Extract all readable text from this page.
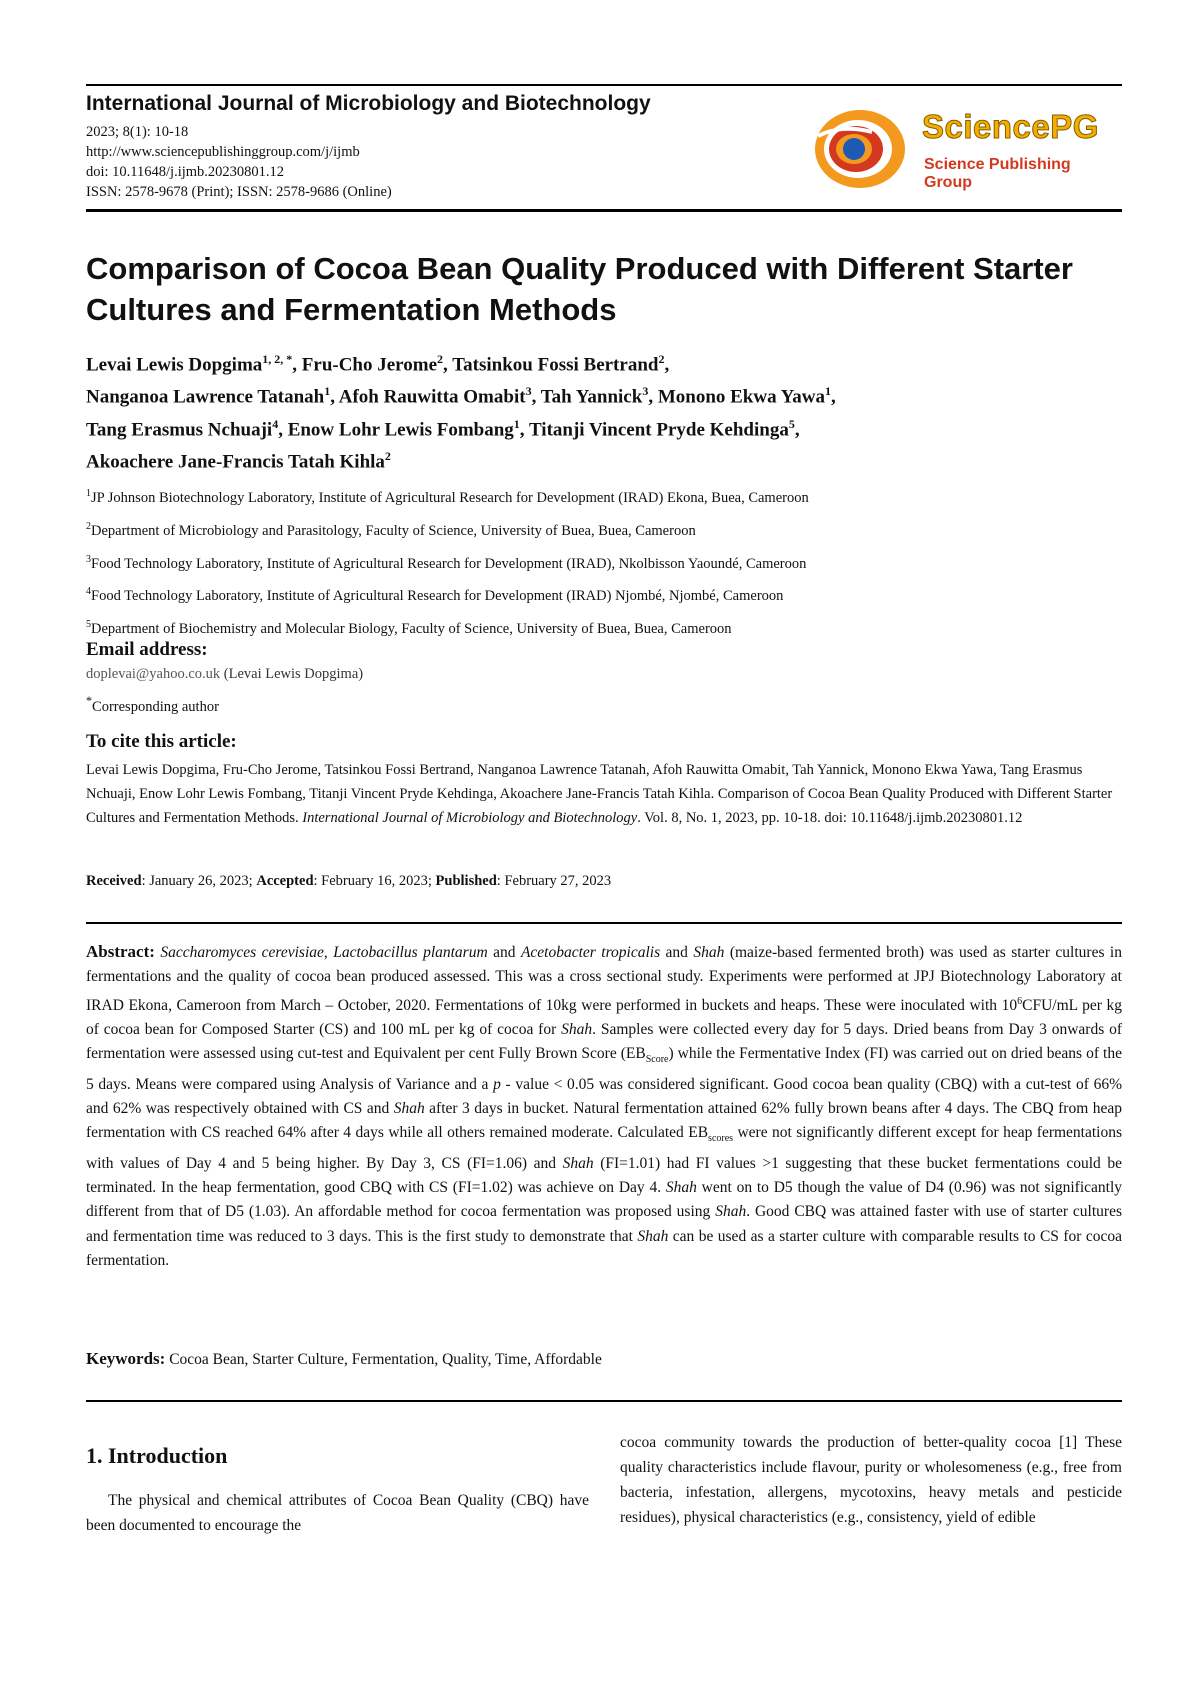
International Journal of Microbiology and Biotechnology

2023; 8(1): 10-18

http://www.sciencepublishinggroup.com/j/ijmb

doi: 10.11648/j.ijmb.20230801.12

ISSN: 2578-9678 (Print); ISSN: 2578-9686 (Online)

SciencePG
Science Publishing Group
Comparison of Cocoa Bean Quality Produced with Different Starter Cultures and Fermentation Methods
Levai Lewis Dopgima$^{1, 2, *}$, Fru-Cho Jerome$^2$, Tatsinkou Fossi Bertrand$^2$,
Nanganoa Lawrence Tatanah$^1$, Afoh Rauwitta Omabit$^3$, Tah Yannick$^3$, Monono Ekwa Yawa$^1$,
Tang Erasmus Nchuaji$^4$, Enow Lohr Lewis Fombang$^1$, Titanji Vincent Pryde Kehdinga$^5$,
Akoachere Jane-Francis Tatah Kihla$^2$

$^1$JP Johnson Biotechnology Laboratory, Institute of Agricultural Research for Development (IRAD) Ekona, Buea, Cameroon

$^2$Department of Microbiology and Parasitology, Faculty of Science, University of Buea, Buea, Cameroon

$^3$Food Technology Laboratory, Institute of Agricultural Research for Development (IRAD), Nkolbisson Yaoundé, Cameroon

$^4$Food Technology Laboratory, Institute of Agricultural Research for Development (IRAD) Njombé, Njombé, Cameroon

$^5$Department of Biochemistry and Molecular Biology, Faculty of Science, University of Buea, Buea, Cameroon

Email address:

doplevai@yahoo.co.uk (Levai Lewis Dopgima)

*Corresponding author

To cite this article:

Levai Lewis Dopgima, Fru-Cho Jerome, Tatsinkou Fossi Bertrand, Nanganoa Lawrence Tatanah, Afoh Rauwitta Omabit, Tah Yannick, Monono Ekwa Yawa, Tang Erasmus Nchuaji, Enow Lohr Lewis Fombang, Titanji Vincent Pryde Kehdinga, Akoachere Jane-Francis Tatah Kihla. Comparison of Cocoa Bean Quality Produced with Different Starter Cultures and Fermentation Methods. International Journal of Microbiology and Biotechnology. Vol. 8, No. 1, 2023, pp. 10-18. doi: 10.11648/j.ijmb.20230801.12

Received: January 26, 2023; Accepted: February 16, 2023; Published: February 27, 2023

Abstract: Saccharomyces cerevisiae, Lactobacillus plantarum and Acetobacter tropicalis and Shah (maize-based fermented broth) was used as starter cultures in fermentations and the quality of cocoa bean produced assessed. This was a cross sectional study. Experiments were performed at JPJ Biotechnology Laboratory at IRAD Ekona, Cameroon from March – October, 2020. Fermentations of 10kg were performed in buckets and heaps. These were inoculated with $10^6CFU/mL$ per kg of cocoa bean for Composed Starter (CS) and 100 mL per kg of cocoa for Shah. Samples were collected every day for 5 days. Dried beans from Day 3 onwards of fermentation were assessed using cut-test and Equivalent per cent Fully Brown Score $(EB_{Score})$ while the Fermentative Index (FI) was carried out on dried beans of the 5 days. Means were compared using Analysis of Variance and a p - value < 0.05 was considered significant. Good cocoa bean quality (CBQ) with a cut-test of 66% and 62% was respectively obtained with CS and Shah after 3 days in bucket. Natural fermentation attained 62% fully brown beans after 4 days. The CBQ from heap fermentation with CS reached 64% after 4 days while all others remained moderate. Calculated $EB_{scores}$ were not significantly different except for heap fermentations with values of Day 4 and 5 being higher. By Day 3, CS (FI=1.06) and Shah (FI=1.01) had FI values >1 suggesting that these bucket fermentations could be terminated. In the heap fermentation, good CBQ with CS (FI=1.02) was achieve on Day 4. Shah went on to D5 though the value of D4 (0.96) was not significantly different from that of D5 (1.03). An affordable method for cocoa fermentation was proposed using Shah. Good CBQ was attained faster with use of starter cultures and fermentation time was reduced to 3 days. This is the first study to demonstrate that Shah can be used as a starter culture with comparable results to CS for cocoa fermentation.

Keywords: Cocoa Bean, Starter Culture, Fermentation, Quality, Time, Affordable

1. Introduction

The physical and chemical attributes of Cocoa Bean Quality (CBQ) have been documented to encourage the

cocoa community towards the production of better-quality cocoa [1] These quality characteristics include flavour, purity or wholesomeness (e.g., free from bacteria, infestation, allergens, mycotoxins, heavy metals and pesticide residues), physical characteristics (e.g., consistency, yield of edible
